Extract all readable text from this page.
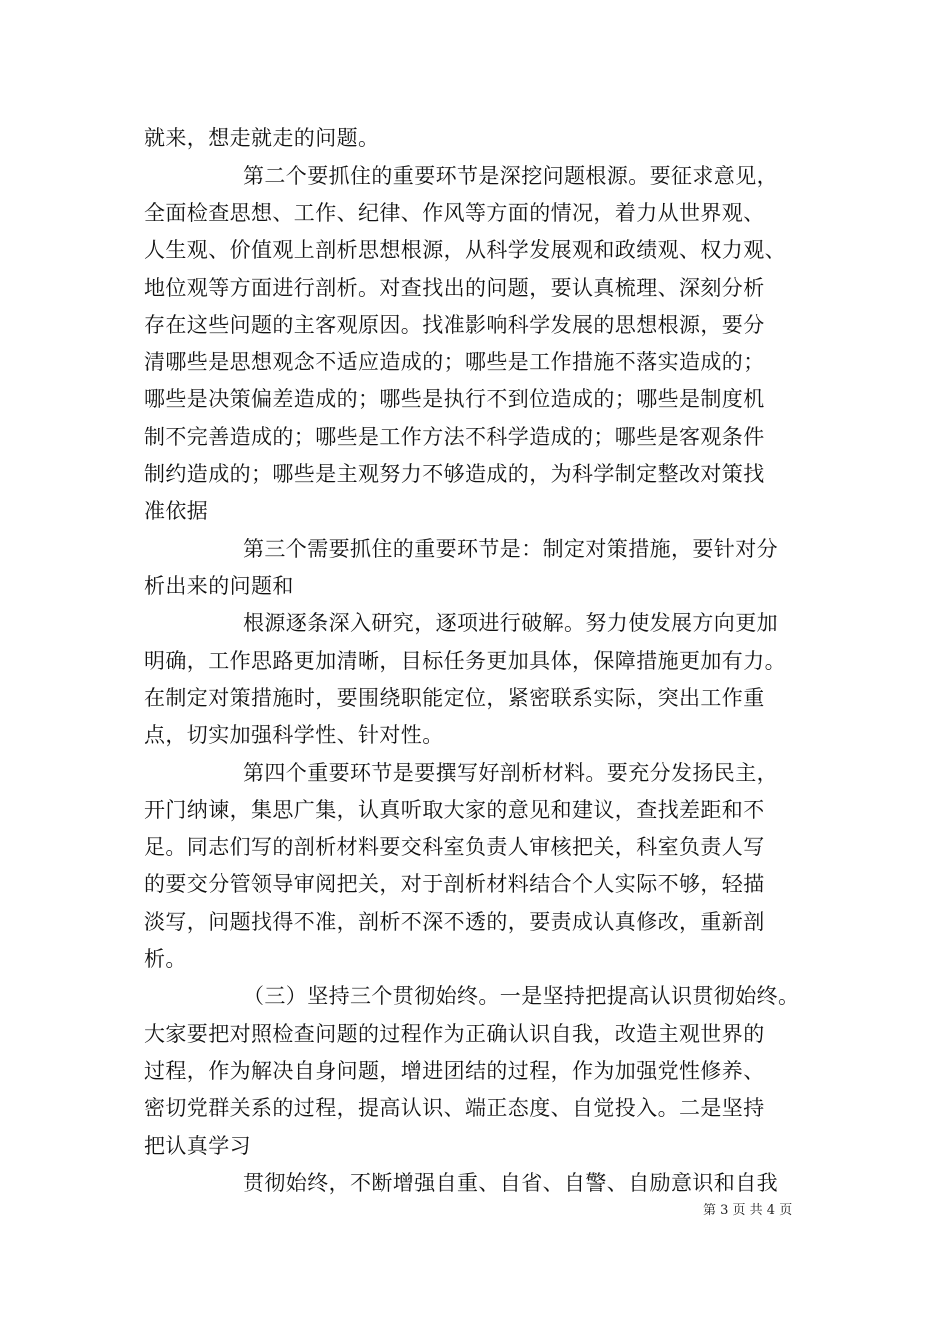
就来，想走就走的问题。
第二个要抓住的重要环节是深挖问题根源。要征求意见，
全面检查思想、工作、纪律、作风等方面的情况，着力从世界观、
人生观、价值观上剖析思想根源，从科学发展观和政绩观、权力观、
地位观等方面进行剖析。对查找出的问题，要认真梳理、深刻分析
存在这些问题的主客观原因。找准影响科学发展的思想根源，要分
清哪些是思想观念不适应造成的；哪些是工作措施不落实造成的；
哪些是决策偏差造成的；哪些是执行不到位造成的；哪些是制度机
制不完善造成的；哪些是工作方法不科学造成的；哪些是客观条件
制约造成的；哪些是主观努力不够造成的，为科学制定整改对策找
准依据
第三个需要抓住的重要环节是：制定对策措施，要针对分
析出来的问题和
根源逐条深入研究，逐项进行破解。努力使发展方向更加
明确，工作思路更加清晰，目标任务更加具体，保障措施更加有力。
在制定对策措施时，要围绕职能定位，紧密联系实际，突出工作重
点，切实加强科学性、针对性。
第四个重要环节是要撰写好剖析材料。要充分发扬民主，
开门纳谏，集思广集，认真听取大家的意见和建议，查找差距和不
足。同志们写的剖析材料要交科室负责人审核把关，科室负责人写
的要交分管领导审阅把关，对于剖析材料结合个人实际不够，轻描
淡写，问题找得不准，剖析不深不透的，要责成认真修改，重新剖
析。
（三）坚持三个贯彻始终。一是坚持把提高认识贯彻始终。
大家要把对照检查问题的过程作为正确认识自我，改造主观世界的
过程，作为解决自身问题，增进团结的过程，作为加强党性修养、
密切党群关系的过程，提高认识、端正态度、自觉投入。二是坚持
把认真学习
贯彻始终，不断增强自重、自省、自警、自励意识和自我
第 3 页 共 4 页
